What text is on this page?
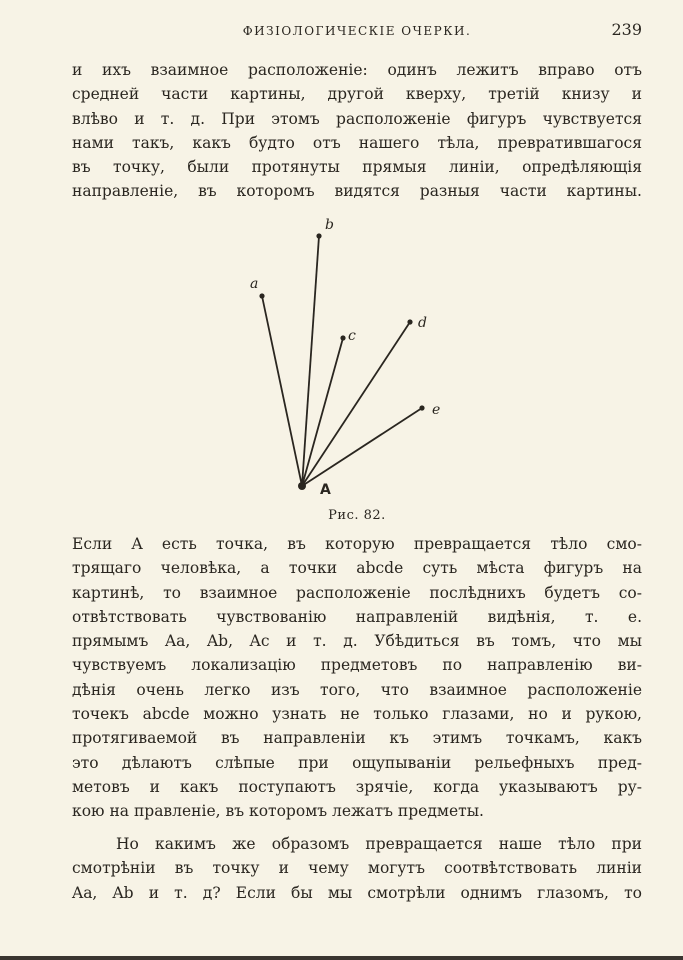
ФИЗІОЛОГИЧЕСКІЕ ОЧЕРКИ.	239

и ихъ взаимное расположеніе: одинъ лежитъ вправо отъ
средней части картины, другой кверху, третій книзу и
влѣво и т. д. При этомъ расположеніе фигуръ чувствуется
нами такъ, какъ будто отъ нашего тѣла, превратившагося
въ точку, были протянуты прямыя линіи, опредѣляющія
направленіе, въ которомъ видятся разныя части картины.

a
b
c
d
e
A
Рис. 82.

Если A есть точка, въ которую превращается тѣло смо-
трящаго человѣка, а точки abcde суть мѣста фигуръ на
картинѣ, то взаимное расположеніе послѣднихъ будетъ со-
отвѣтствовать чувствованію направленій видѣнія, т. е.
прямымъ Aa, Ab, Ac и т. д. Убѣдиться въ томъ, что мы
чувствуемъ локализацію предметовъ по направленію ви-
дѣнія очень легко изъ того, что взаимное расположеніе
точекъ abcde можно узнать не только глазами, но и рукою,
протягиваемой въ направленіи къ этимъ точкамъ, какъ
это дѣлаютъ слѣпые при ощупываніи рельефныхъ пред-
метовъ и какъ поступаютъ зрячіе, когда указываютъ ру-
кою на правленіе, въ которомъ лежатъ предметы.

Но какимъ же образомъ превращается наше тѣло при
смотрѣніи въ точку и чему могутъ соотвѣтствовать линіи
Aa, Ab и т. д? Если бы мы смотрѣли однимъ глазомъ, то
